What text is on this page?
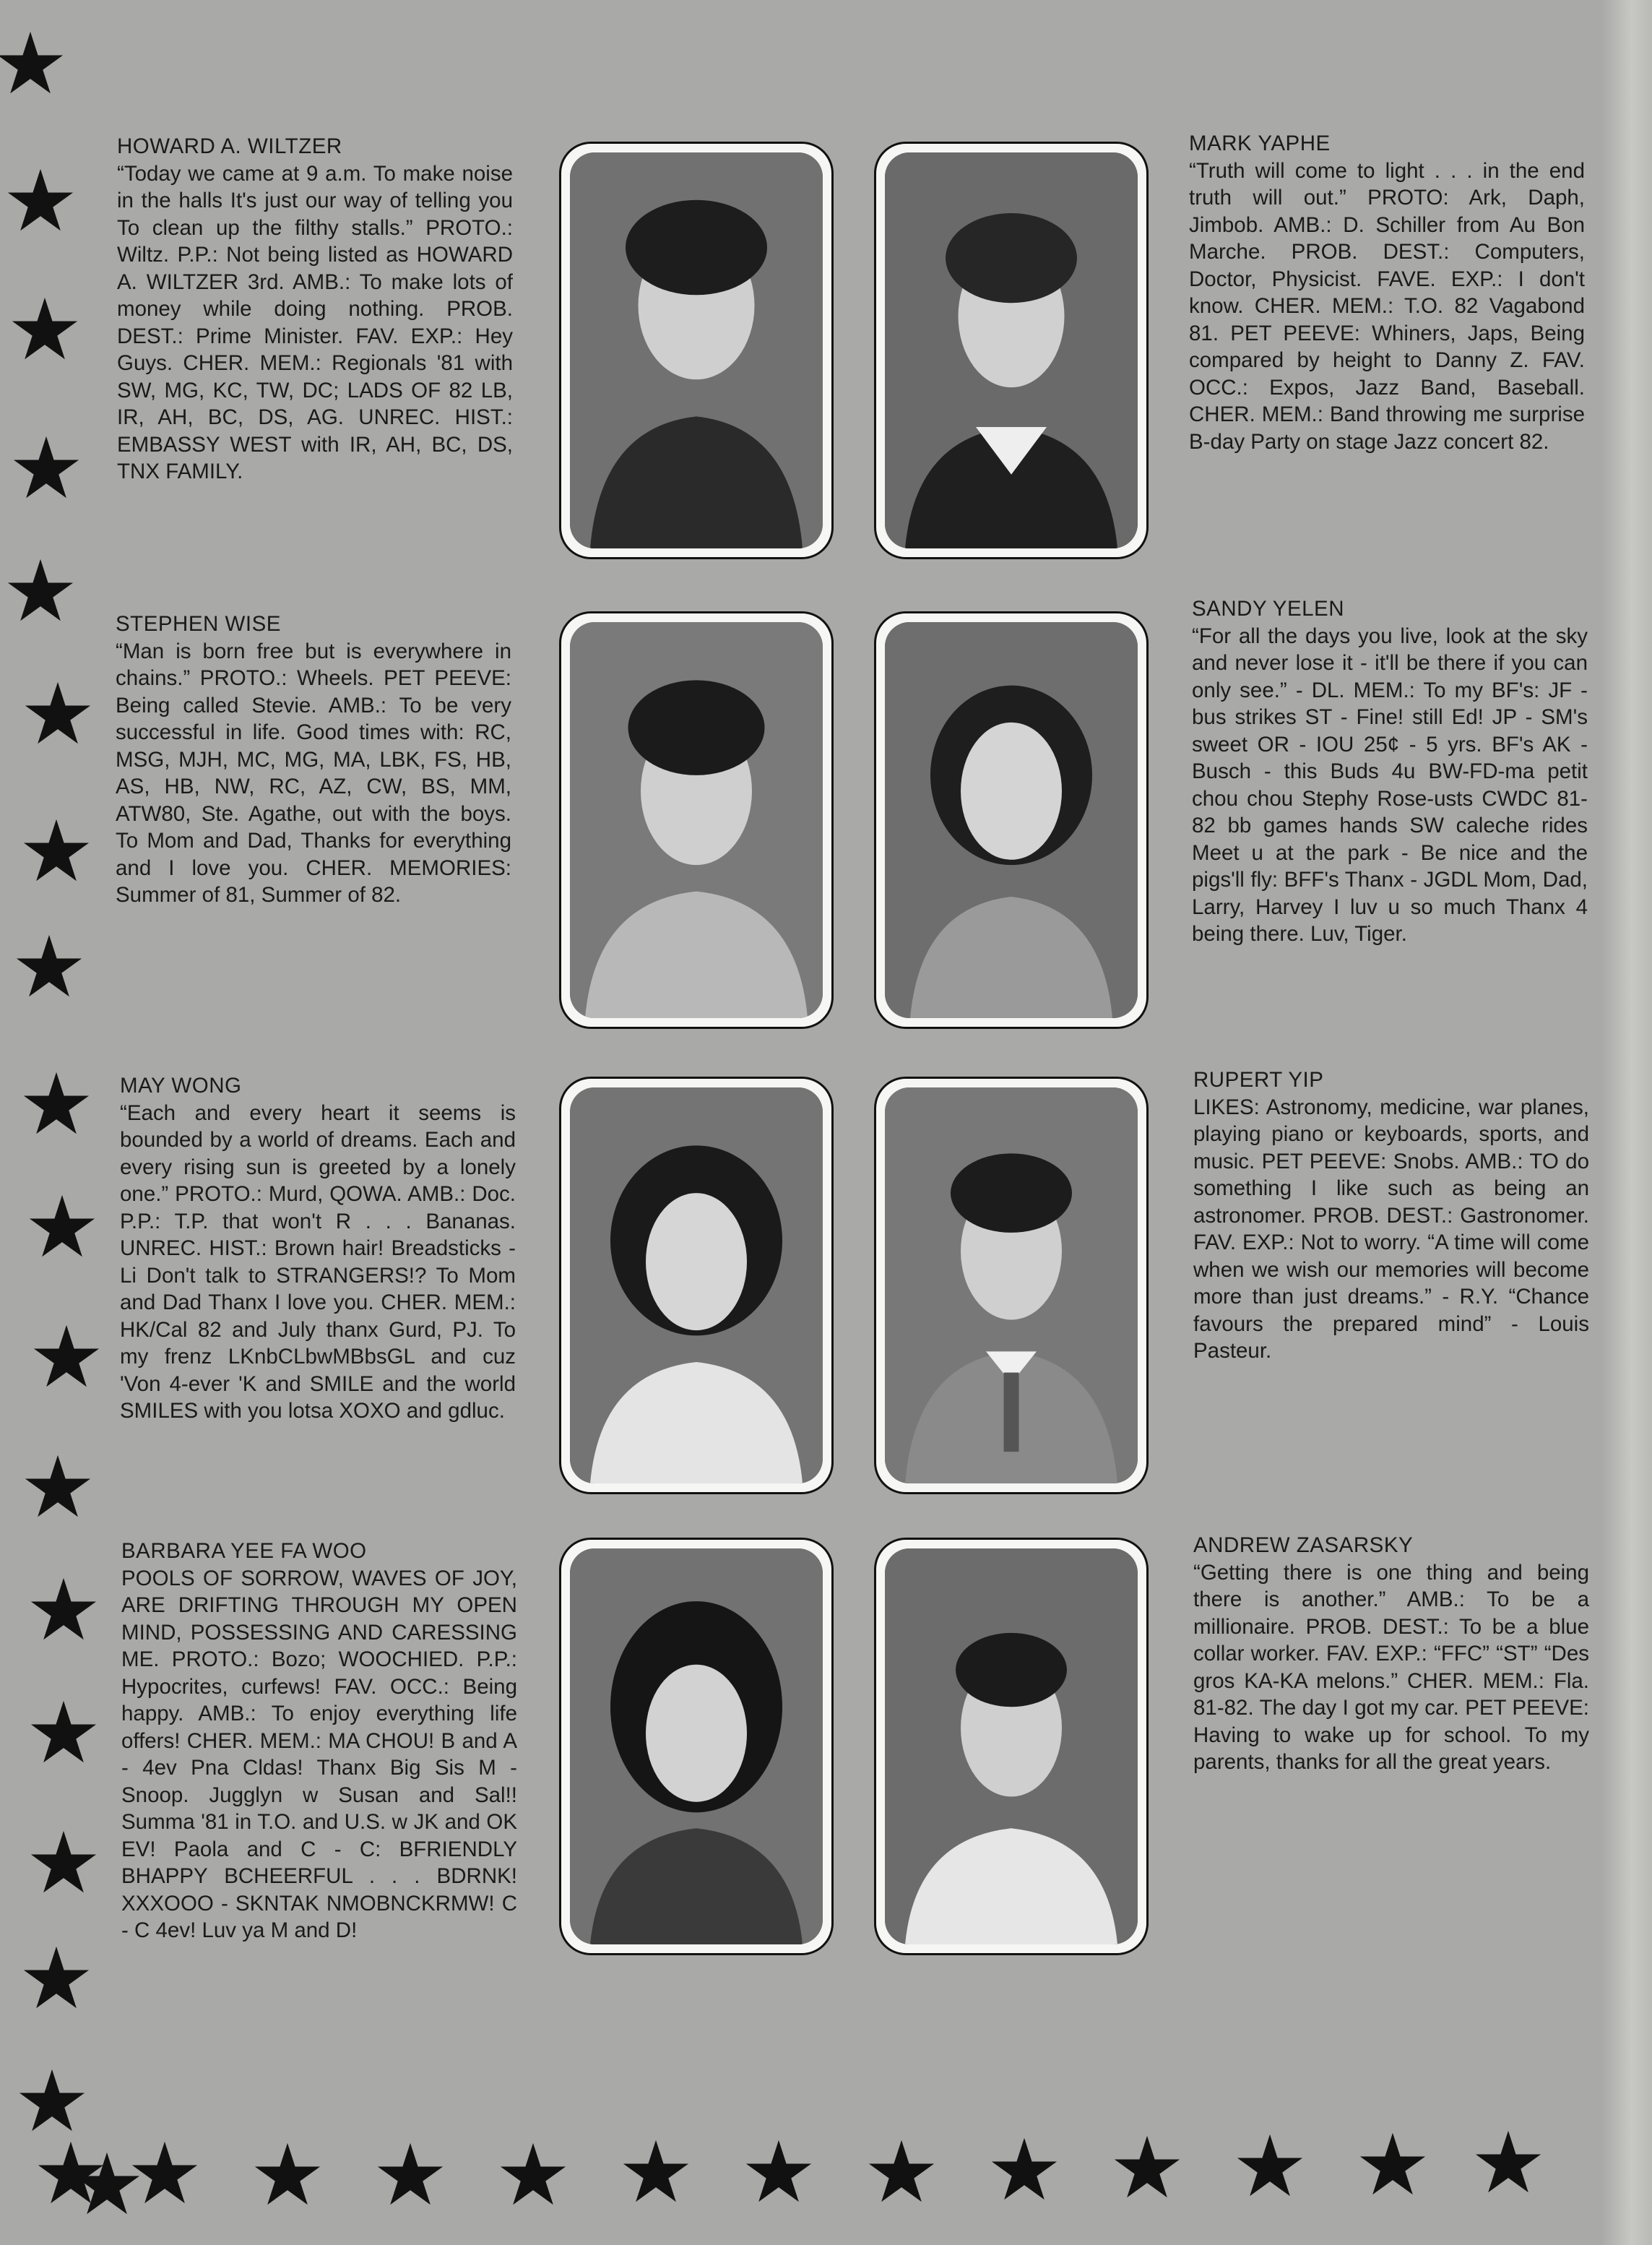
HOWARD A. WILTZER
“Today we came at 9 a.m. To make noise in the halls It's just our way of telling you To clean up the filthy stalls.” PROTO.: Wiltz. P.P.: Not being listed as HOWARD A. WILTZER 3rd. AMB.: To make lots of money while doing nothing. PROB. DEST.: Prime Minister. FAV. EXP.: Hey Guys. CHER. MEM.: Regionals '81 with SW, MG, KC, TW, DC; LADS OF 82 LB, IR, AH, BC, DS, AG. UNREC. HIST.: EMBASSY WEST with IR, AH, BC, DS, TNX FAMILY.
MARK YAPHE
“Truth will come to light . . . in the end truth will out.” PROTO: Ark, Daph, Jimbob. AMB.: D. Schiller from Au Bon Marche. PROB. DEST.: Computers, Doctor, Physicist. FAVE. EXP.: I don't know. CHER. MEM.: T.O. 82 Vagabond 81. PET PEEVE: Whiners, Japs, Being compared by height to Danny Z. FAV. OCC.: Expos, Jazz Band, Baseball. CHER. MEM.: Band throwing me surprise B-day Party on stage Jazz concert 82.
STEPHEN WISE
“Man is born free but is everywhere in chains.” PROTO.: Wheels. PET PEEVE: Being called Stevie. AMB.: To be very successful in life. Good times with: RC, MSG, MJH, MC, MG, MA, LBK, FS, HB, AS, HB, NW, RC, AZ, CW, BS, MM, ATW80, Ste. Agathe, out with the boys. To Mom and Dad, Thanks for everything and I love you. CHER. MEMORIES: Summer of 81, Summer of 82.
SANDY YELEN
“For all the days you live, look at the sky and never lose it - it'll be there if you can only see.” - DL. MEM.: To my BF's: JF - bus strikes ST - Fine! still Ed! JP - SM's sweet OR - IOU 25¢ - 5 yrs. BF's AK - Busch - this Buds 4u BW-FD-ma petit chou chou Stephy Rose-usts CWDC 81-82 bb games hands SW caleche rides Meet u at the park - Be nice and the pigs'll fly: BFF's Thanx - JGDL Mom, Dad, Larry, Harvey I luv u so much Thanx 4 being there. Luv, Tiger.
MAY WONG
“Each and every heart it seems is bounded by a world of dreams. Each and every rising sun is greeted by a lonely one.” PROTO.: Murd, QOWA. AMB.: Doc. P.P.: T.P. that won't R . . . Bananas. UNREC. HIST.: Brown hair! Breadsticks - Li Don't talk to STRANGERS!? To Mom and Dad Thanx I love you. CHER. MEM.: HK/Cal 82 and July thanx Gurd, PJ. To my frenz LKnbCLbwMBbsGL and cuz 'Von 4-ever 'K and SMILE and the world SMILES with you lotsa XOXO and gdluc.
RUPERT YIP
LIKES: Astronomy, medicine, war planes, playing piano or keyboards, sports, and music. PET PEEVE: Snobs. AMB.: TO do something I like such as being an astronomer. PROB. DEST.: Gastronomer. FAV. EXP.: Not to worry. “A time will come when we wish our memories will become more than just dreams.” - R.Y. “Chance favours the prepared mind” - Louis Pasteur.
BARBARA YEE FA WOO
POOLS OF SORROW, WAVES OF JOY, ARE DRIFTING THROUGH MY OPEN MIND, POSSESSING AND CARESSING ME. PROTO.: Bozo; WOOCHIED. P.P.: Hypocrites, curfews! FAV. OCC.: Being happy. AMB.: To enjoy everything life offers! CHER. MEM.: MA CHOU! B and A - 4ev Pna Cldas! Thanx Big Sis M - Snoop. Jugglyn w Susan and Sal!! Summa '81 in T.O. and U.S. w JK and OK EV! Paola and C - C: BFRIENDLY BHAPPY BCHEERFUL . . . BDRNK! XXXOOO - SKNTAK NMOBNCKRMW! C - C 4ev! Luv ya M and D!
ANDREW ZASARSKY
“Getting there is one thing and being there is another.” AMB.: To be a millionaire. PROB. DEST.: To be a blue collar worker. FAV. EXP.: “FFC” “ST” “Des gros KA-KA melons.” CHER. MEM.: Fla. 81-82. The day I got my car. PET PEEVE: Having to wake up for school. To my parents, thanks for all the great years.
